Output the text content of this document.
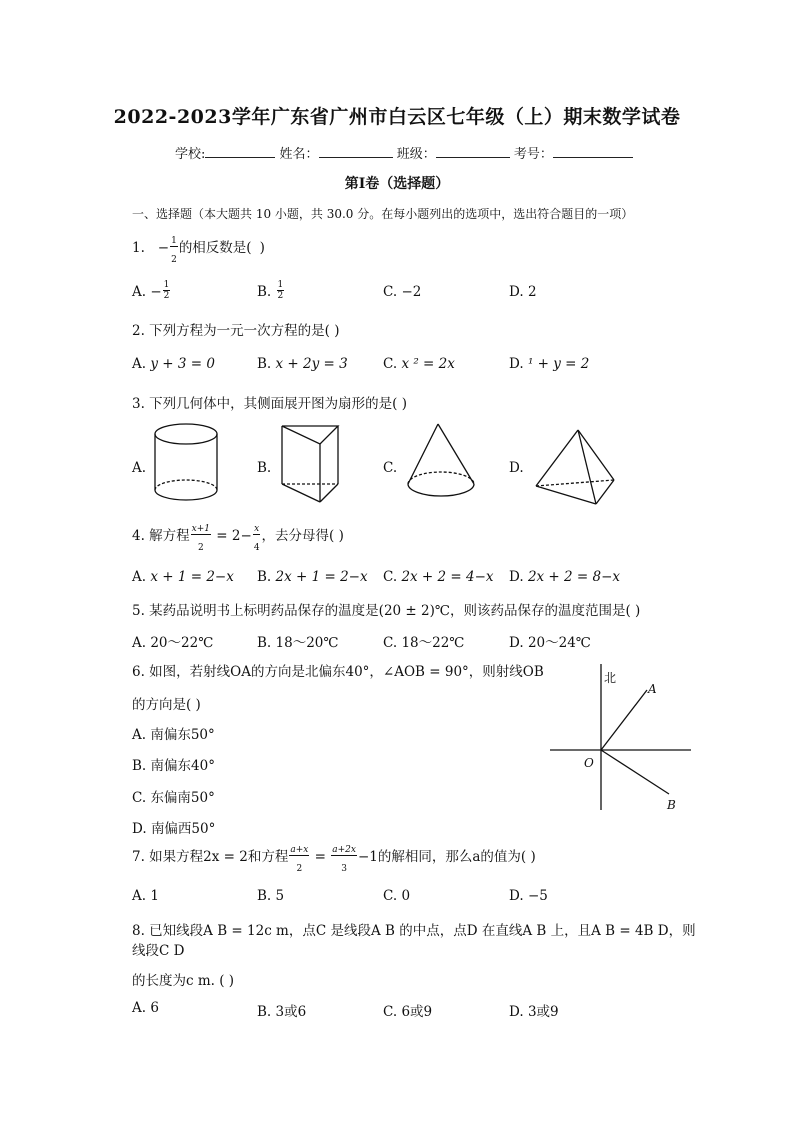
2022-2023学年广东省广州市白云区七年级（上）期末数学试卷
学校:	姓名：	班级：	考号：
第Ⅰ卷（选择题）
一、选择题（本大题共 10 小题，共 30.0 分。在每小题列出的选项中，选出符合题目的一项）
1. − $\frac{1}{2}$ 的相反数是( )
A. − $\frac{1}{2}$	B. $\frac{1}{2}$	C. −2	D. 2
2. 下列方程为一元一次方程的是( )
A. y + 3 = 0	B. x + 2y = 3	C. x ² = 2x	D. ¹ + y = 2
3. 下列几何体中，其侧面展开图为扇形的是( )
A.	B.	C.	D.
4. 解方程 $\frac{x+1}{2} = 2- \frac{x}{4}$ ，去分母得( )
A. x + 1 = 2−x B. 2x + 1 = 2−x C. 2x + 2 = 4−x D. 2x + 2 = 8−x
5. 某药品说明书上标明药品保存的温度是(20 ± 2)℃，则该药品保存的温度范围是( )
A. 20～22℃	B. 18～20℃	C. 18～22℃	D. 20～24℃
6. 如图，若射线OA的方向是北偏东40°，∠AOB = 90°，则射线OB
的方向是( )
A. 南偏东50°
B. 南偏东40°
C. 东偏南50°
D. 南偏西50°
北
A
O
B
7. 如果方程2x = 2和方程 $\frac{a+x}{2} = \frac{a+2x}{3} -1$的解相同，那么a的值为( )
A. 1	B. 5	C. 0	D. −5
8. 已知线段A B = 12c m，点C 是线段A B 的中点，点D 在直线A B 上，且A B = 4B D，则
线段C D
的长度为c m. ( )
A. 6	B. 3或6	C. 6或9	D. 3或9
